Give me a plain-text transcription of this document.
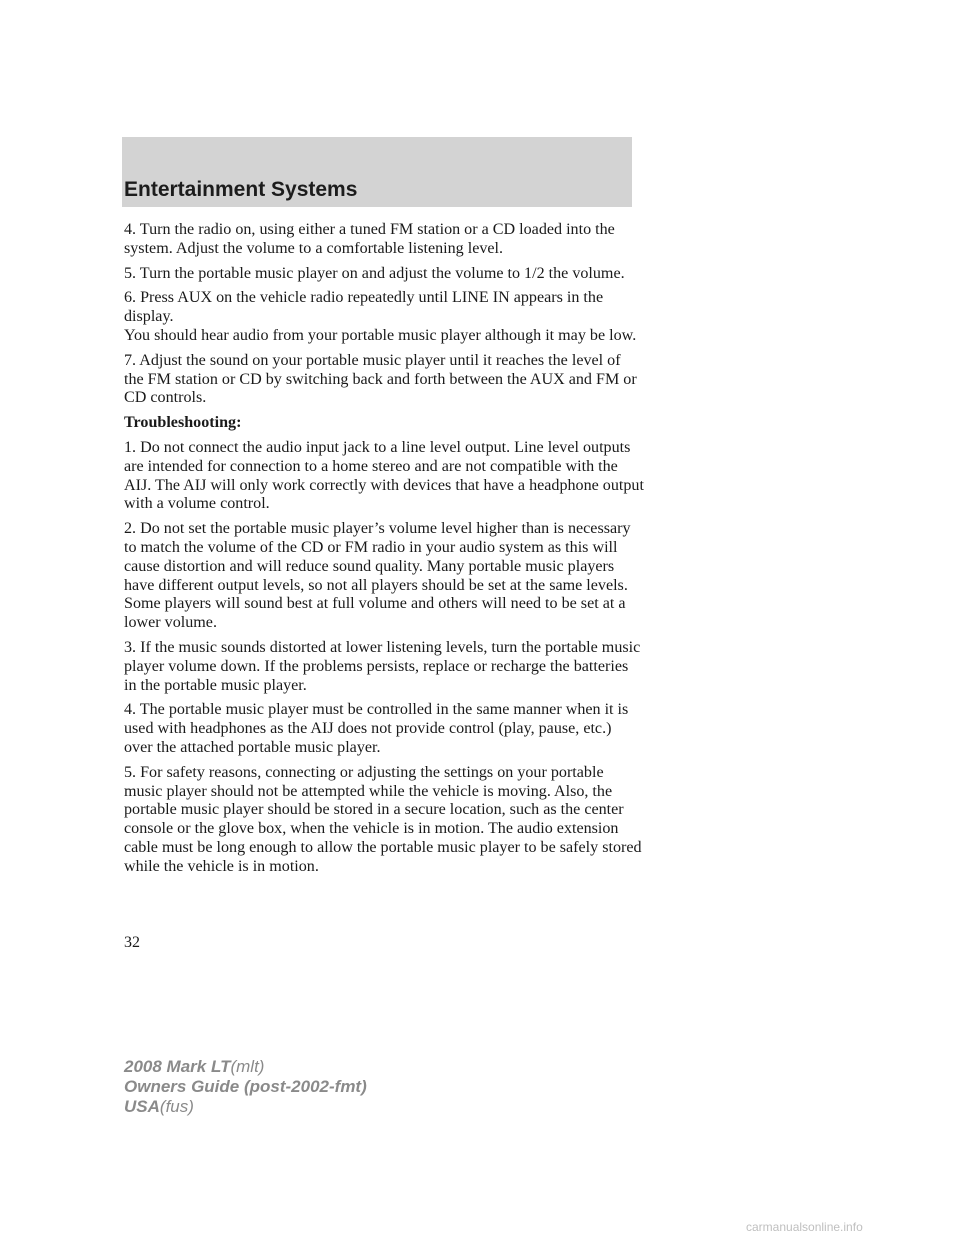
Entertainment Systems

4. Turn the radio on, using either a tuned FM station or a CD loaded into the system. Adjust the volume to a comfortable listening level.

5. Turn the portable music player on and adjust the volume to 1/2 the volume.

6. Press AUX on the vehicle radio repeatedly until LINE IN appears in the display.

You should hear audio from your portable music player although it may be low.

7. Adjust the sound on your portable music player until it reaches the level of the FM station or CD by switching back and forth between the AUX and FM or CD controls.

Troubleshooting:

1. Do not connect the audio input jack to a line level output. Line level outputs are intended for connection to a home stereo and are not compatible with the AIJ. The AIJ will only work correctly with devices that have a headphone output with a volume control.

2. Do not set the portable music player’s volume level higher than is necessary to match the volume of the CD or FM radio in your audio system as this will cause distortion and will reduce sound quality. Many portable music players have different output levels, so not all players should be set at the same levels. Some players will sound best at full volume and others will need to be set at a lower volume.

3. If the music sounds distorted at lower listening levels, turn the portable music player volume down. If the problems persists, replace or recharge the batteries in the portable music player.

4. The portable music player must be controlled in the same manner when it is used with headphones as the AIJ does not provide control (play, pause, etc.) over the attached portable music player.

5. For safety reasons, connecting or adjusting the settings on your portable music player should not be attempted while the vehicle is moving. Also, the portable music player should be stored in a secure location, such as the center console or the glove box, when the vehicle is in motion. The audio extension cable must be long enough to allow the portable music player to be safely stored while the vehicle is in motion.

32
2008 Mark LT(mlt)
Owners Guide (post-2002-fmt)
USA(fus)
carmanualsonline.info
